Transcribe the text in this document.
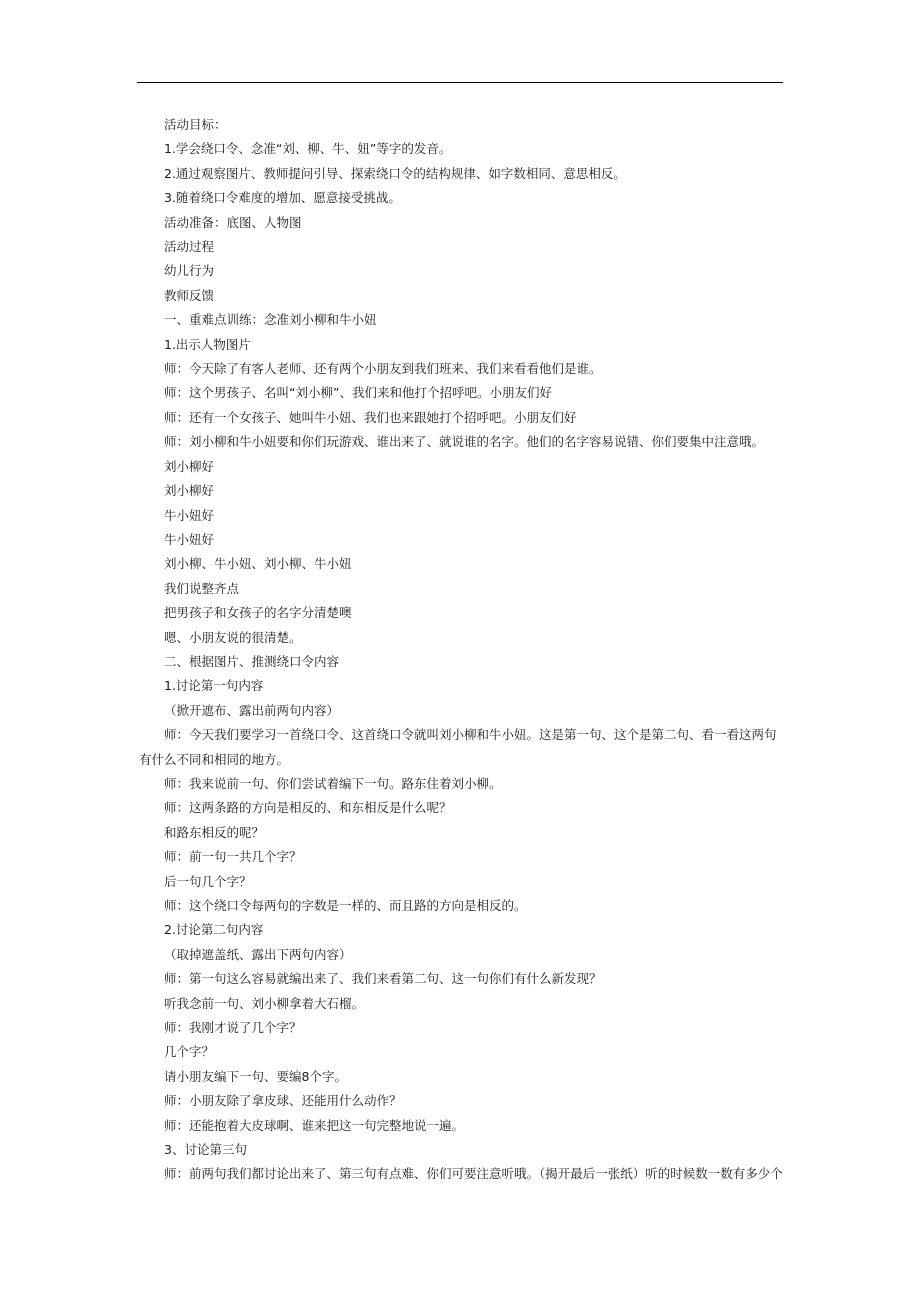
活动目标：

1.学会绕口令、念准“刘、柳、牛、妞”等字的发音。

2.通过观察图片、教师提问引导、探索绕口令的结构规律、如字数相同、意思相反。

3.随着绕口令难度的增加、愿意接受挑战。

活动准备：底图、人物图

活动过程

幼儿行为

教师反馈

一、重难点训练：念准刘小柳和牛小妞

1.出示人物图片

师：今天除了有客人老师、还有两个小朋友到我们班来、我们来看看他们是谁。

师：这个男孩子、名叫“刘小柳”、我们来和他打个招呼吧。小朋友们好

师：还有一个女孩子、她叫牛小妞、我们也来跟她打个招呼吧。小朋友们好

师：刘小柳和牛小妞要和你们玩游戏、谁出来了、就说谁的名字。他们的名字容易说错、你们要集中注意哦。

刘小柳好

刘小柳好

牛小妞好

牛小妞好

刘小柳、牛小妞、刘小柳、牛小妞

我们说整齐点

把男孩子和女孩子的名字分清楚噢

嗯、小朋友说的很清楚。

二、根据图片、推测绕口令内容

1.讨论第一句内容

（掀开遮布、露出前两句内容）

师：今天我们要学习一首绕口令、这首绕口令就叫刘小柳和牛小妞。这是第一句、这个是第二句、看一看这两句有什么不同和相同的地方。

师：我来说前一句、你们尝试着编下一句。路东住着刘小柳。

师：这两条路的方向是相反的、和东相反是什么呢？

和路东相反的呢？

师：前一句一共几个字？

后一句几个字？

师：这个绕口令每两句的字数是一样的、而且路的方向是相反的。

2.讨论第二句内容

（取掉遮盖纸、露出下两句内容）

师：第一句这么容易就编出来了、我们来看第二句、这一句你们有什么新发现？

听我念前一句、刘小柳拿着大石榴。

师：我刚才说了几个字？

几个字？

请小朋友编下一句、要编8个字。

师：小朋友除了拿皮球、还能用什么动作？

师：还能抱着大皮球啊、谁来把这一句完整地说一遍。

3、讨论第三句

师：前两句我们都讨论出来了、第三句有点难、你们可要注意听哦。（揭开最后一张纸）听的时候数一数有多少个
